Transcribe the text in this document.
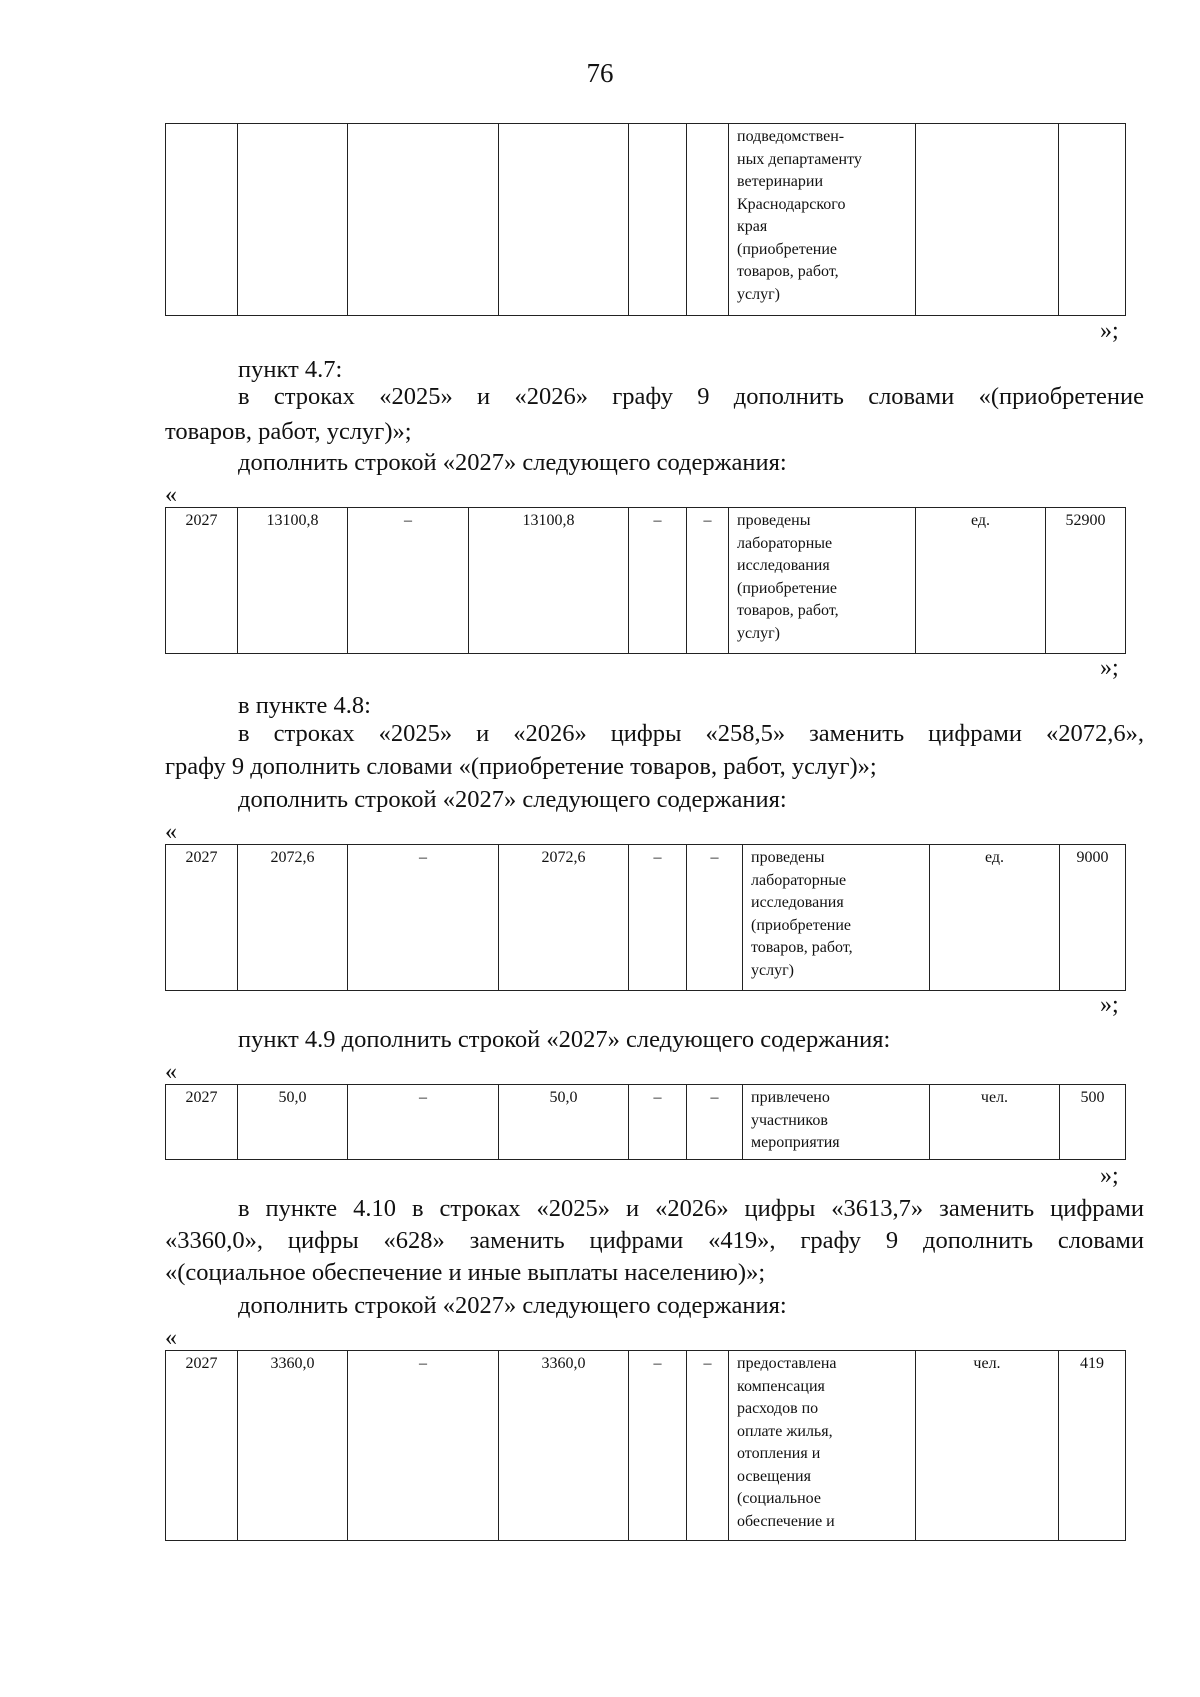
76
						подведомствен-
ных департаменту
ветеринарии
Краснодарского
края
(приобретение
товаров, работ,
услуг)		
»;
пункт 4.7:
в строках «2025» и «2026» графу 9 дополнить словами «(приобретение
товаров, работ, услуг)»;
дополнить строкой «2027» следующего содержания:
«
2027	13100,8	–	13100,8	–	–	проведены
лабораторные
исследования
(приобретение
товаров, работ,
услуг)	ед.	52900
»;
в пункте 4.8:
в строках «2025» и «2026» цифры «258,5» заменить цифрами «2072,6»,
графу 9 дополнить словами «(приобретение товаров, работ, услуг)»;
дополнить строкой «2027» следующего содержания:
«
2027	2072,6	–	2072,6	–	–	проведены
лабораторные
исследования
(приобретение
товаров, работ,
услуг)	ед.	9000
»;
пункт 4.9 дополнить строкой «2027» следующего содержания:
«
2027	50,0	–	50,0	–	–	привлечено
участников
мероприятия	чел.	500
»;
в пункте 4.10 в строках «2025» и «2026» цифры «3613,7» заменить цифрами
«3360,0», цифры «628» заменить цифрами «419», графу 9 дополнить словами
«(социальное обеспечение и иные выплаты населению)»;
дополнить строкой «2027» следующего содержания:
«
2027	3360,0	–	3360,0	–	–	предоставлена
компенсация
расходов по
оплате жилья,
отопления и
освещения
(социальное
обеспечение и	чел.	419
